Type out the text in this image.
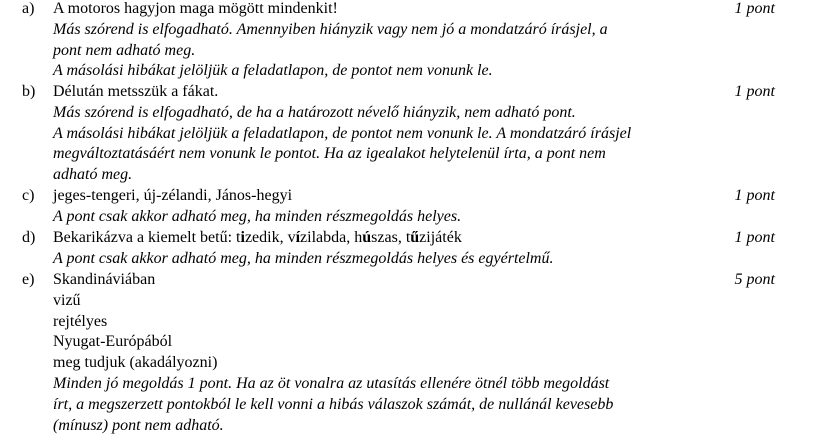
a) A motoros hagyjon maga mögött mindenkit!	1 pont
Más szórend is elfogadható. Amennyiben hiányzik vagy nem jó a mondatzáró írásjel, a
pont nem adható meg.
A másolási hibákat jelöljük a feladatlapon, de pontot nem vonunk le.
b) Délután metsszük a fákat.	1 pont
Más szórend is elfogadható, de ha a határozott névelő hiányzik, nem adható pont.
A másolási hibákat jelöljük a feladatlapon, de pontot nem vonunk le. A mondatzáró írásjel
megváltoztatásáért nem vonunk le pontot. Ha az igealakot helytelenül írta, a pont nem
adható meg.
c) jeges-tengeri, új-zélandi, János-hegyi	1 pont
A pont csak akkor adható meg, ha minden részmegoldás helyes.
d) Bekarikázva a kiemelt betű: tizedik, vízilabda, húszas, tűzijáték	1 pont
A pont csak akkor adható meg, ha minden részmegoldás helyes és egyértelmű.
e) Skandináviában	5 pont
vizű
rejtélyes
Nyugat-Európából
meg tudjuk (akadályozni)
Minden jó megoldás 1 pont. Ha az öt vonalra az utasítás ellenére ötnél több megoldást
írt, a megszerzett pontokból le kell vonni a hibás válaszok számát, de nullánál kevesebb
(mínusz) pont nem adható.
